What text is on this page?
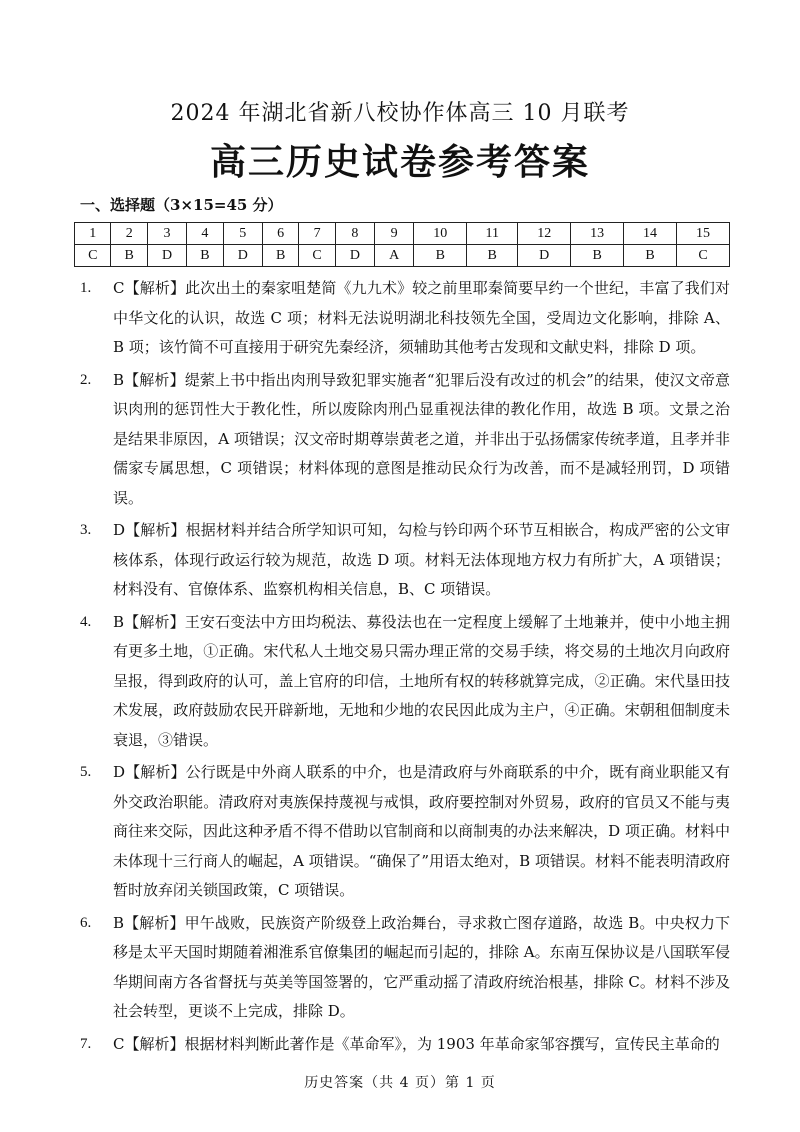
2024 年湖北省新八校协作体高三 10 月联考
高三历史试卷参考答案
一、选择题（3×15=45 分）
1	2	3	4	5	6	7	8	9	10	11	12	13	14	15
C	B	D	B	D	B	C	D	A	B	B	D	B	B	C
1. C【解析】此次出土的秦家咀楚简《九九术》较之前里耶秦简要早约一个世纪，丰富了我们对中华文化的认识，故选 C 项；材料无法说明湖北科技领先全国，受周边文化影响，排除 A、B 项；该竹简不可直接用于研究先秦经济，须辅助其他考古发现和文献史料，排除 D 项。
2. B【解析】缇萦上书中指出肉刑导致犯罪实施者“犯罪后没有改过的机会”的结果，使汉文帝意识肉刑的惩罚性大于教化性，所以废除肉刑凸显重视法律的教化作用，故选 B 项。文景之治是结果非原因，A 项错误；汉文帝时期尊崇黄老之道，并非出于弘扬儒家传统孝道，且孝并非儒家专属思想，C 项错误；材料体现的意图是推动民众行为改善，而不是减轻刑罚，D 项错误。
3. D【解析】根据材料并结合所学知识可知，勾检与钤印两个环节互相嵌合，构成严密的公文审核体系，体现行政运行较为规范，故选 D 项。材料无法体现地方权力有所扩大，A 项错误；材料没有、官僚体系、监察机构相关信息，B、C 项错误。
4. B【解析】王安石变法中方田均税法、募役法也在一定程度上缓解了土地兼并，使中小地主拥有更多土地，①正确。宋代私人土地交易只需办理正常的交易手续，将交易的土地次月向政府呈报，得到政府的认可，盖上官府的印信，土地所有权的转移就算完成，②正确。宋代垦田技术发展，政府鼓励农民开辟新地，无地和少地的农民因此成为主户，④正确。宋朝租佃制度未衰退，③错误。
5. D【解析】公行既是中外商人联系的中介，也是清政府与外商联系的中介，既有商业职能又有外交政治职能。清政府对夷族保持蔑视与戒惧，政府要控制对外贸易，政府的官员又不能与夷商往来交际，因此这种矛盾不得不借助以官制商和以商制夷的办法来解决，D 项正确。材料中未体现十三行商人的崛起，A 项错误。“确保了”用语太绝对，B 项错误。材料不能表明清政府暂时放弃闭关锁国政策，C 项错误。
6. B【解析】甲午战败，民族资产阶级登上政治舞台，寻求救亡图存道路，故选 B。中央权力下移是太平天国时期随着湘淮系官僚集团的崛起而引起的，排除 A。东南互保协议是八国联军侵华期间南方各省督抚与英美等国签署的，它严重动摇了清政府统治根基，排除 C。材料不涉及社会转型，更谈不上完成，排除 D。
7. C【解析】根据材料判断此著作是《革命军》，为 1903 年革命家邹容撰写，宣传民主革命的
历史答案（共 4 页）第 1 页
